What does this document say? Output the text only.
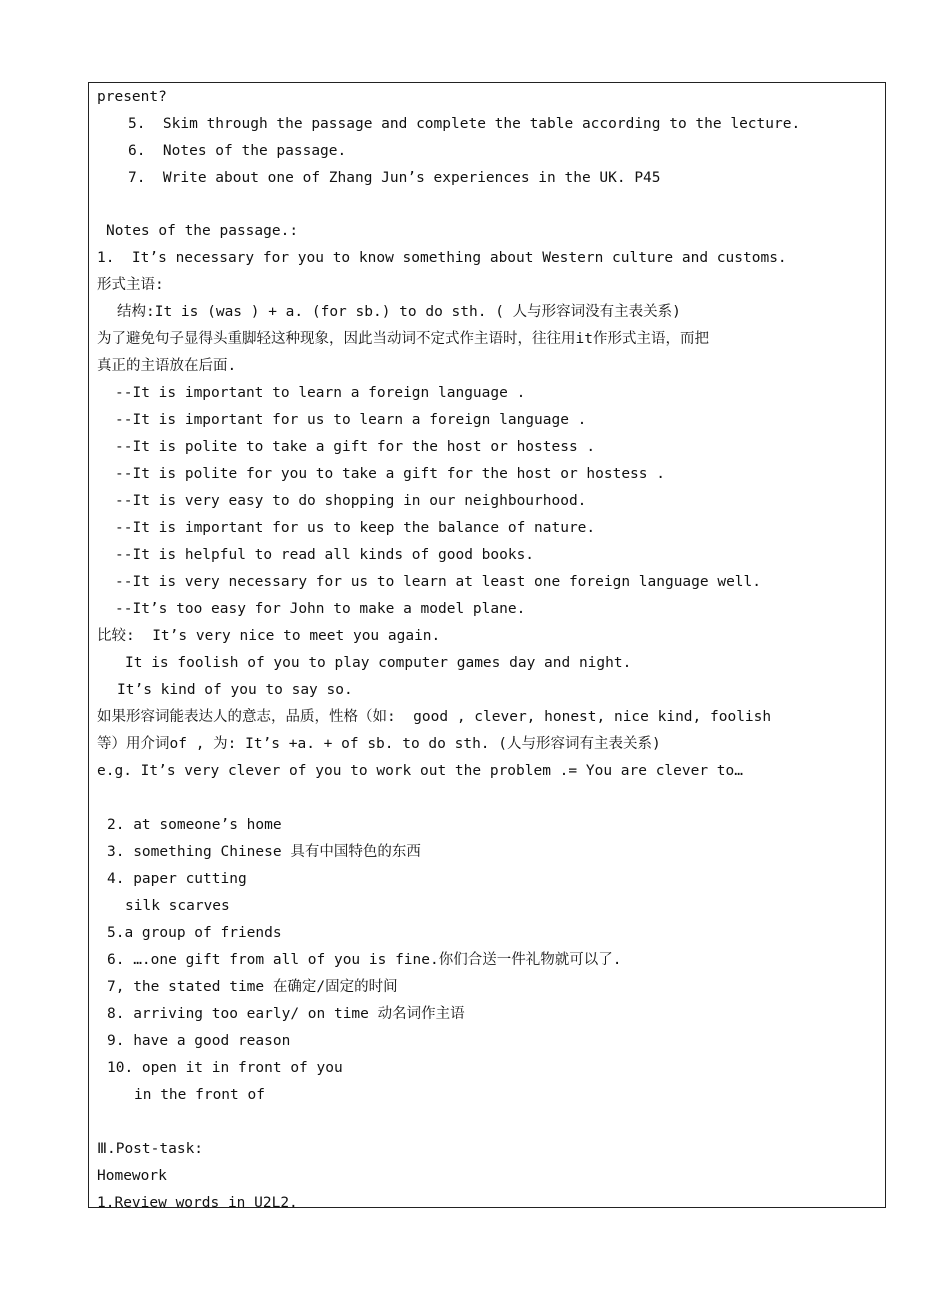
present?
5.  Skim through the passage and complete the table according to the lecture.
6.  Notes of the passage.
7.  Write about one of Zhang Jun’s experiences in the UK. P45
Notes of the passage.:
1.  It’s necessary for you to know something about Western culture and customs.
形式主语:
结构:It is (was ) + a. (for sb.) to do sth. ( 人与形容词没有主表关系)
为了避免句子显得头重脚轻这种现象，因此当动词不定式作主语时，往往用it作形式主语，而把
真正的主语放在后面.
--It is important to learn a foreign language .
--It is important for us to learn a foreign language .
--It is polite to take a gift for the host or hostess .
--It is polite for you to take a gift for the host or hostess .
--It is very easy to do shopping in our neighbourhood.
--It is important for us to keep the balance of nature.
--It is helpful to read all kinds of good books.
--It is very necessary for us to learn at least one foreign language well.
--It’s too easy for John to make a model plane.
比较:  It’s very nice to meet you again.
It is foolish of you to play computer games day and night.
It’s kind of you to say so.
如果形容词能表达人的意志，品质，性格（如:  good , clever, honest, nice kind, foolish
等）用介词of , 为: It’s +a. + of sb. to do sth. (人与形容词有主表关系)
e.g. It’s very clever of you to work out the problem .= You are clever to…
2. at someone’s home
3. something Chinese 具有中国特色的东西
4. paper cutting
silk scarves
5.a group of friends
6. ….one gift from all of you is fine.你们合送一件礼物就可以了.
7, the stated time 在确定/固定的时间
8. arriving too early/ on time 动名词作主语
9. have a good reason
10. open it in front of you
in the front of
Ⅲ.Post-task:
Homework
1.Review words in U2L2.
